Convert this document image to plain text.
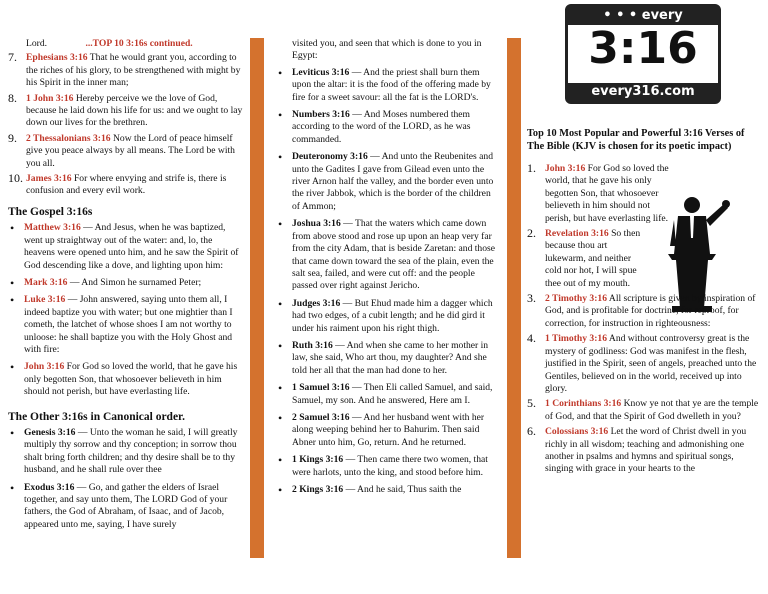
Lord.	...TOP 10 3:16s continued.
7. Ephesians 3:16 That he would grant you, according to the riches of his glory, to be strengthened with might by his Spirit in the inner man;
8. 1 John 3:16 Hereby perceive we the love of God, because he laid down his life for us: and we ought to lay down our lives for the brethren.
9. 2 Thessalonians 3:16 Now the Lord of peace himself give you peace always by all means. The Lord be with you all.
10. James 3:16 For where envying and strife is, there is confusion and every evil work.
The Gospel 3:16s
• Matthew 3:16 — And Jesus, when he was baptized, went up straightway out of the water: and, lo, the heavens were opened unto him, and he saw the Spirit of God descending like a dove, and lighting upon him:
• Mark 3:16 — And Simon he surnamed Peter;
• Luke 3:16 — John answered, saying unto them all, I indeed baptize you with water; but one mightier than I cometh, the latchet of whose shoes I am not worthy to unloose: he shall baptize you with the Holy Ghost and with fire:
• John 3:16 For God so loved the world, that he gave his only begotten Son, that whosoever believeth in him should not perish, but have everlasting life.
The Other 3:16s in Canonical order.
• Genesis 3:16 — Unto the woman he said, I will greatly multiply thy sorrow and thy conception; in sorrow thou shalt bring forth children; and thy desire shall be to thy husband, and he shall rule over thee
• Exodus 3:16 — Go, and gather the elders of Israel together, and say unto them, The LORD God of your fathers, the God of Abraham, of Isaac, and of Jacob, appeared unto me, saying, I have surely
visited you, and seen that which is done to you in Egypt:
• Leviticus 3:16 — And the priest shall burn them upon the altar: it is the food of the offering made by fire for a sweet savour: all the fat is the LORD's.
• Numbers 3:16 — And Moses numbered them according to the word of the LORD, as he was commanded.
• Deuteronomy 3:16 — And unto the Reubenites and unto the Gadites I gave from Gilead even unto the river Arnon half the valley, and the border even unto the river Jabbok, which is the border of the children of Ammon;
• Joshua 3:16 — That the waters which came down from above stood and rose up upon an heap very far from the city Adam, that is beside Zaretan: and those that came down toward the sea of the plain, even the salt sea, failed, and were cut off: and the people passed over right against Jericho.
• Judges 3:16 — But Ehud made him a dagger which had two edges, of a cubit length; and he did gird it under his raiment upon his right thigh.
• Ruth 3:16 — And when she came to her mother in law, she said, Who art thou, my daughter? And she told her all that the man had done to her.
• 1 Samuel 3:16 — Then Eli called Samuel, and said, Samuel, my son. And he answered, Here am I.
• 2 Samuel 3:16 — And her husband went with her along weeping behind her to Bahurim. Then said Abner unto him, Go, return. And he returned.
• 1 Kings 3:16 — Then came there two women, that were harlots, unto the king, and stood before him.
• 2 Kings 3:16 — And he said, Thus saith the
• • • every
3:16
every316.com
Top 10 Most Popular and Powerful 3:16 Verses of The Bible (KJV is chosen for its poetic impact)
1. John 3:16 For God so loved the world, that he gave his only begotten Son, that whosoever believeth in him should not perish, but have everlasting life.
2. Revelation 3:16 So then because thou art lukewarm, and neither cold nor hot, I will spue thee out of my mouth.
3. 2 Timothy 3:16 All scripture is given by inspiration of God, and is profitable for doctrine, for reproof, for correction, for instruction in righteousness:
4. 1 Timothy 3:16 And without controversy great is the mystery of godliness: God was manifest in the flesh, justified in the Spirit, seen of angels, preached unto the Gentiles, believed on in the world, received up into glory.
5. 1 Corinthians 3:16 Know ye not that ye are the temple of God, and that the Spirit of God dwelleth in you?
6. Colossians 3:16 Let the word of Christ dwell in you richly in all wisdom; teaching and admonishing one another in psalms and hymns and spiritual songs, singing with grace in your hearts to the
